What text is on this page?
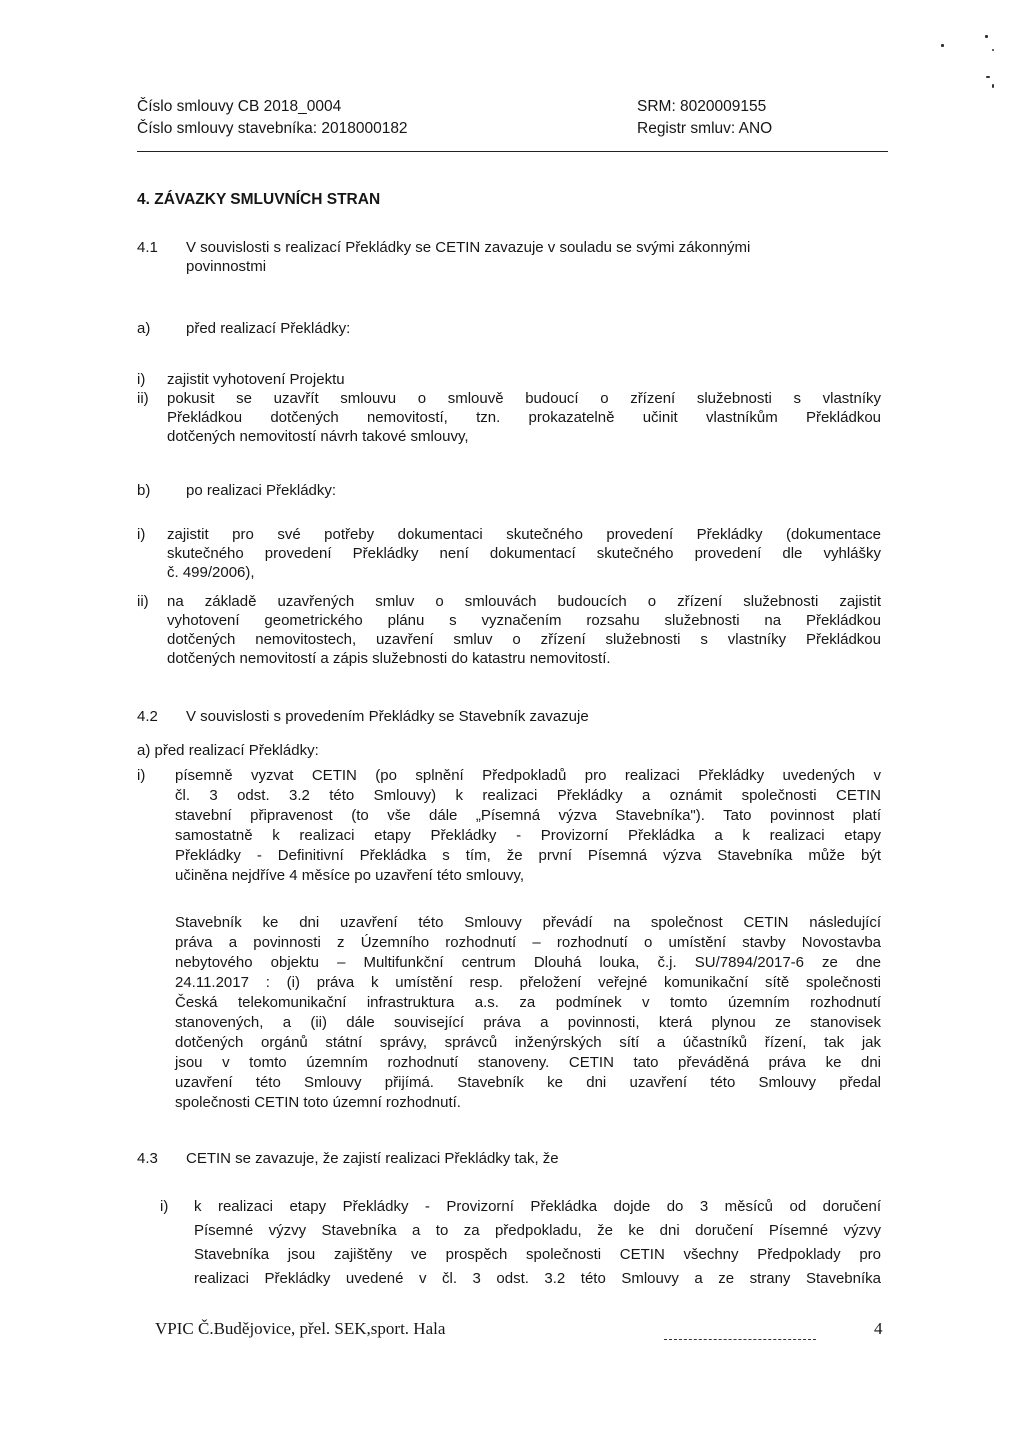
Číslo smlouvy CB 2018_0004
Číslo smlouvy stavebníka: 2018000182
SRM: 8020009155
Registr smluv: ANO
4. ZÁVAZKY SMLUVNÍCH STRAN
4.1 V souvislosti s realizací Překládky se CETIN zavazuje v souladu se svými zákonnými
povinnostmi
a) před realizací Překládky:
i) zajistit vyhotovení Projektu
ii) pokusit se uzavřít smlouvu o smlouvě budoucí o zřízení služebnosti s vlastníky
Překládkou dotčených nemovitostí, tzn. prokazatelně učinit vlastníkům Překládkou
dotčených nemovitostí návrh takové smlouvy,
b) po realizaci Překládky:
i) zajistit pro své potřeby dokumentaci skutečného provedení Překládky (dokumentace
skutečného provedení Překládky není dokumentací skutečného provedení dle vyhlášky
č. 499/2006),
ii) na základě uzavřených smluv o smlouvách budoucích o zřízení služebnosti zajistit
vyhotovení geometrického plánu s vyznačením rozsahu služebnosti na Překládkou
dotčených nemovitostech, uzavření smluv o zřízení služebnosti s vlastníky Překládkou
dotčených nemovitostí a zápis služebnosti do katastru nemovitostí.
4.2 V souvislosti s provedením Překládky se Stavebník zavazuje
a) před realizací Překládky:
i) písemně vyzvat CETIN (po splnění Předpokladů pro realizaci Překládky uvedených v
čl. 3 odst. 3.2 této Smlouvy) k realizaci Překládky a oznámit společnosti CETIN
stavební připravenost (to vše dále „Písemná výzva Stavebníka"). Tato povinnost platí
samostatně k realizaci etapy Překládky - Provizorní Překládka a k realizaci etapy
Překládky - Definitivní Překládka s tím, že první Písemná výzva Stavebníka může být
učiněna nejdříve 4 měsíce po uzavření této smlouvy,
Stavebník ke dni uzavření této Smlouvy převádí na společnost CETIN následující
práva a povinnosti z Územního rozhodnutí – rozhodnutí o umístění stavby Novostavba
nebytového objektu – Multifunkční centrum Dlouhá louka, č.j. SU/7894/2017-6 ze dne
24.11.2017 : (i) práva k umístění resp. přeložení veřejné komunikační sítě společnosti
Česká telekomunikační infrastruktura a.s. za podmínek v tomto územním rozhodnutí
stanovených, a (ii) dále související práva a povinnosti, která plynou ze stanovisek
dotčených orgánů státní správy, správců inženýrských sítí a účastníků řízení, tak jak
jsou v tomto územním rozhodnutí stanoveny. CETIN tato převáděná práva ke dni
uzavření této Smlouvy přijímá. Stavebník ke dni uzavření této Smlouvy předal
společnosti CETIN toto územní rozhodnutí.
4.3 CETIN se zavazuje, že zajistí realizaci Překládky tak, že
i) k realizaci etapy Překládky - Provizorní Překládka dojde do 3 měsíců od doručení
Písemné výzvy Stavebníka a to za předpokladu, že ke dni doručení Písemné výzvy
Stavebníka jsou zajištěny ve prospěch společnosti CETIN všechny Předpoklady pro
realizaci Překládky uvedené v čl. 3 odst. 3.2 této Smlouvy a ze strany Stavebníka
VPIC Č.Budějovice, přel. SEK,sport. Hala	4
